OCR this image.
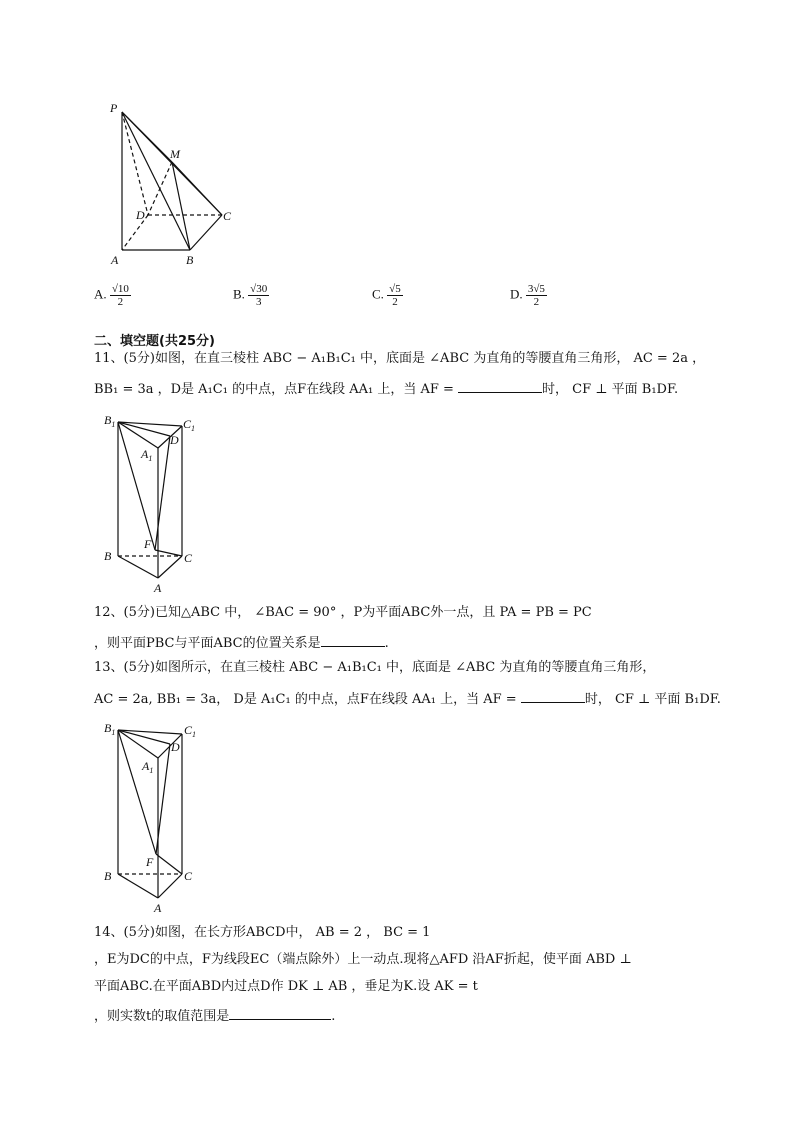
P
M
D	C
A	B
A. $\frac{√10}{2}$	B. $\frac{√30}{3}$	C. $\frac{√5}{2}$	D. $\frac{3√5}{2}$
二、填空题(共25分)
11、(5分)如图，在直三棱柱 ABC − A₁B₁C₁ 中，底面是 ∠ABC 为直角的等腰直角三角形， AC = 2a ，
BB₁ = 3a ，D是 A₁C₁ 的中点，点F在线段 AA₁ 上，当 AF =	时， CF ⊥ 平面 B₁DF.
$B_1$	$C_1$
D
$A_1$
F
B	C
A
12、(5分)已知△ABC 中， ∠BAC = 90° ，P为平面ABC外一点，且 PA = PB = PC
，则平面PBC与平面ABC的位置关系是	.
13、(5分)如图所示，在直三棱柱 ABC − A₁B₁C₁ 中，底面是 ∠ABC 为直角的等腰直角三角形，
AC = 2a, BB₁ = 3a， D是 A₁C₁ 的中点，点F在线段 AA₁ 上，当 AF =	时， CF ⊥ 平面 B₁DF.
$B_1$	$C_1$
D
$A_1$
F
B	C
A
14、(5分)如图，在长方形ABCD中， AB = 2 ， BC = 1
，E为DC的中点，F为线段EC（端点除外）上一动点.现将△AFD 沿AF折起，使平面 ABD ⊥
平面ABC.在平面ABD内过点D作 DK ⊥ AB ，垂足为K.设 AK = t
，则实数t的取值范围是	.
